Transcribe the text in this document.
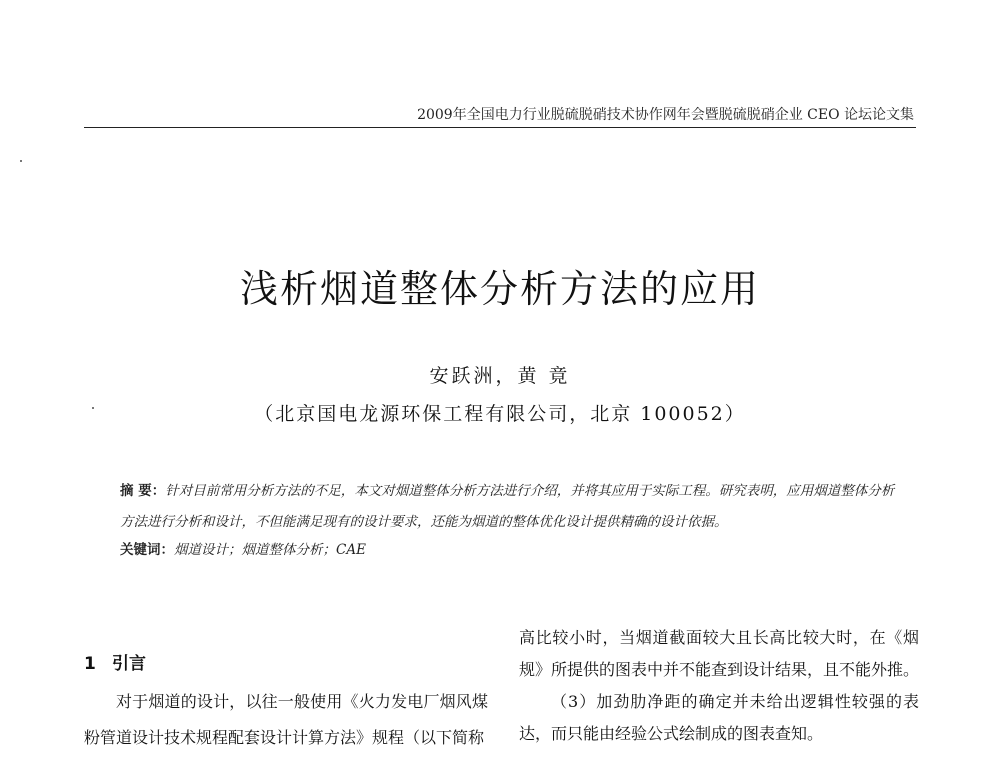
2009年全国电力行业脱硫脱硝技术协作网年会暨脱硫脱硝企业 CEO 论坛论文集
浅析烟道整体分析方法的应用
安跃洲，黄 竟
（北京国电龙源环保工程有限公司，北京 100052）
摘 要：针对目前常用分析方法的不足，本文对烟道整体分析方法进行介绍，并将其应用于实际工程。研究表明，应用烟道整体分析方法进行分析和设计，不但能满足现有的设计要求，还能为烟道的整体优化设计提供精确的设计依据。
关键词：烟道设计；烟道整体分析；CAE
1 引言
对于烟道的设计，以往一般使用《火力发电厂烟风煤粉管道设计技术规程配套设计计算方法》规程（以下简称

高比较小时，当烟道截面较大且长高比较大时，在《烟规》所提供的图表中并不能查到设计结果，且不能外推。

（3）加劲肋净距的确定并未给出逻辑性较强的表达，而只能由经验公式绘制成的图表查知。
